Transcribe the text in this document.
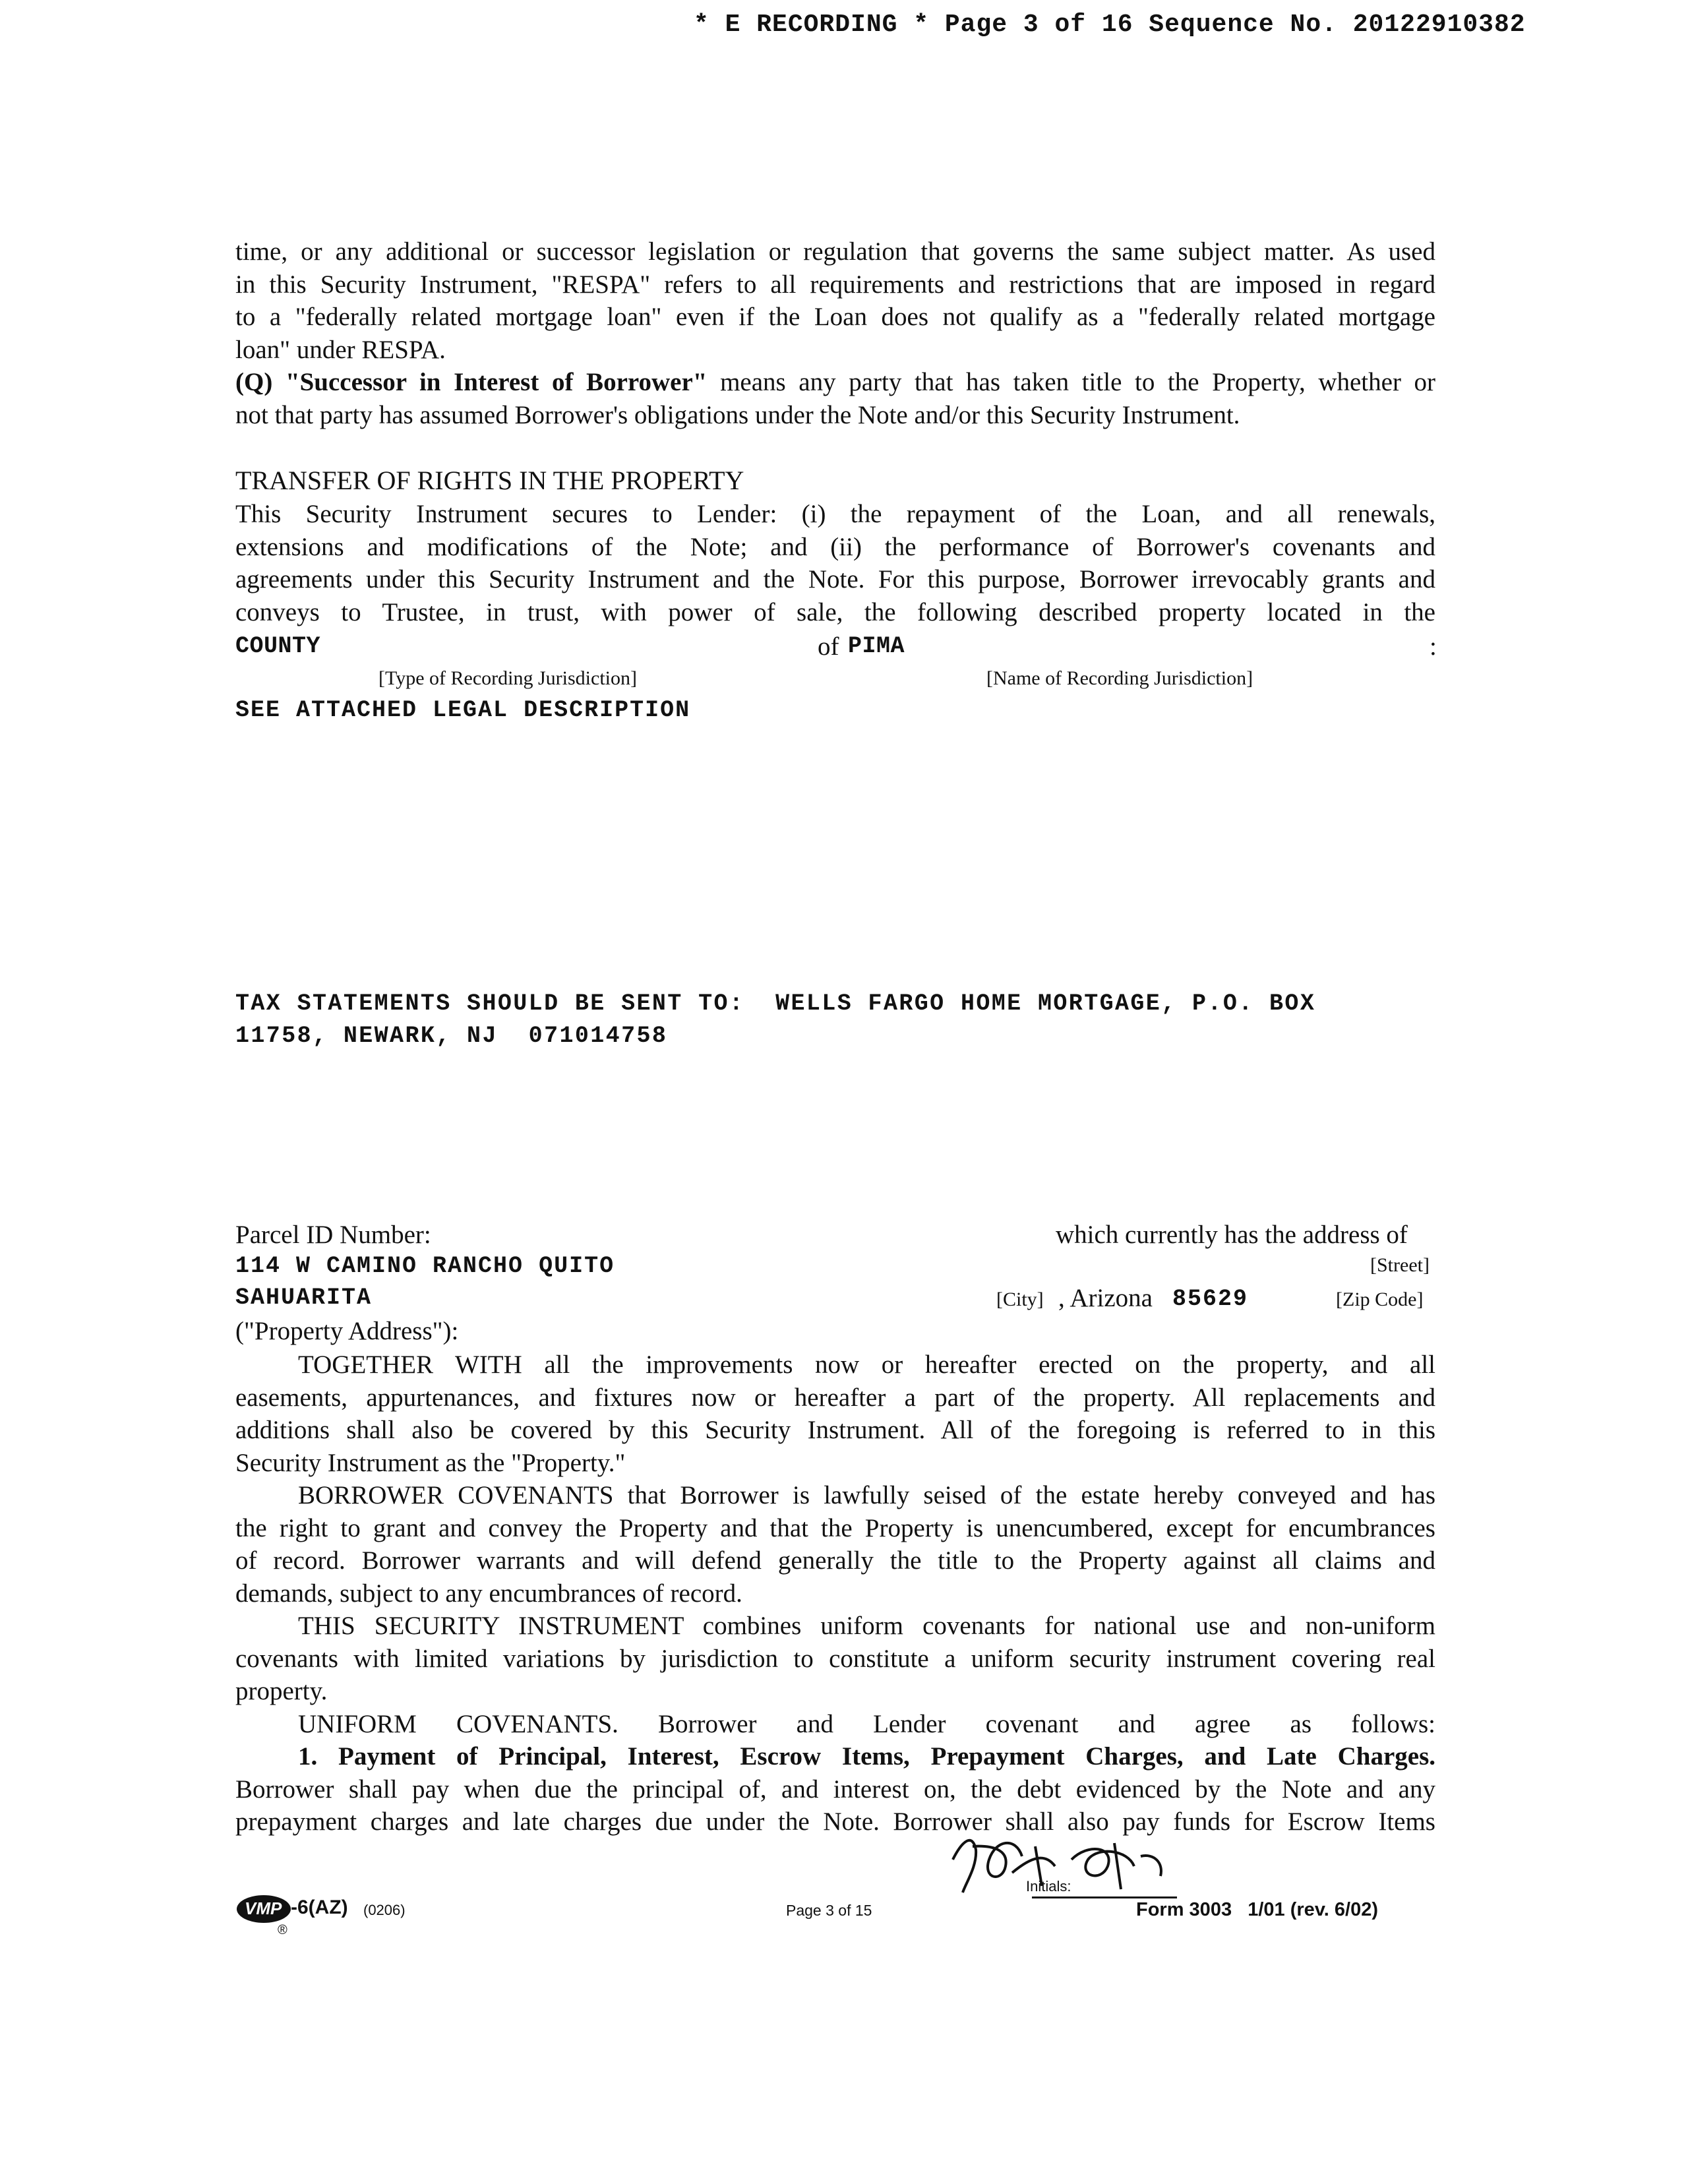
* E RECORDING * Page 3 of 16 Sequence No. 20122910382
time, or any additional or successor legislation or regulation that governs the same subject matter. As used
in this Security Instrument, "RESPA" refers to all requirements and restrictions that are imposed in regard
to a "federally related mortgage loan" even if the Loan does not qualify as a "federally related mortgage
loan" under RESPA.
(Q) "Successor in Interest of Borrower" means any party that has taken title to the Property, whether or
not that party has assumed Borrower's obligations under the Note and/or this Security Instrument.
TRANSFER OF RIGHTS IN THE PROPERTY
This Security Instrument secures to Lender: (i) the repayment of the Loan, and all renewals,
extensions and modifications of the Note; and (ii) the performance of Borrower's covenants and
agreements under this Security Instrument and the Note. For this purpose, Borrower irrevocably grants and
conveys to Trustee, in trust, with power of sale, the following described property located in the
COUNTY	of PIMA	:
[Type of Recording Jurisdiction]	[Name of Recording Jurisdiction]
SEE ATTACHED LEGAL DESCRIPTION
TAX STATEMENTS SHOULD BE SENT TO:  WELLS FARGO HOME MORTGAGE, P.O. BOX
11758, NEWARK, NJ  071014758
Parcel ID Number:	which currently has the address of
114 W CAMINO RANCHO QUITO	[Street]
SAHUARITA	[City] , Arizona 85629	[Zip Code]
("Property Address"):
TOGETHER WITH all the improvements now or hereafter erected on the property, and all
easements, appurtenances, and fixtures now or hereafter a part of the property. All replacements and
additions shall also be covered by this Security Instrument. All of the foregoing is referred to in this
Security Instrument as the "Property."
BORROWER COVENANTS that Borrower is lawfully seised of the estate hereby conveyed and has
the right to grant and convey the Property and that the Property is unencumbered, except for encumbrances
of record. Borrower warrants and will defend generally the title to the Property against all claims and
demands, subject to any encumbrances of record.
THIS SECURITY INSTRUMENT combines uniform covenants for national use and non-uniform
covenants with limited variations by jurisdiction to constitute a uniform security instrument covering real
property.
UNIFORM COVENANTS. Borrower and Lender covenant and agree as follows:
1. Payment of Principal, Interest, Escrow Items, Prepayment Charges, and Late Charges.
Borrower shall pay when due the principal of, and interest on, the debt evidenced by the Note and any
prepayment charges and late charges due under the Note. Borrower shall also pay funds for Escrow Items
Initials:
VMP
®
-6(AZ) (0206)	Page 3 of 15	Form 3003   1/01 (rev. 6/02)
